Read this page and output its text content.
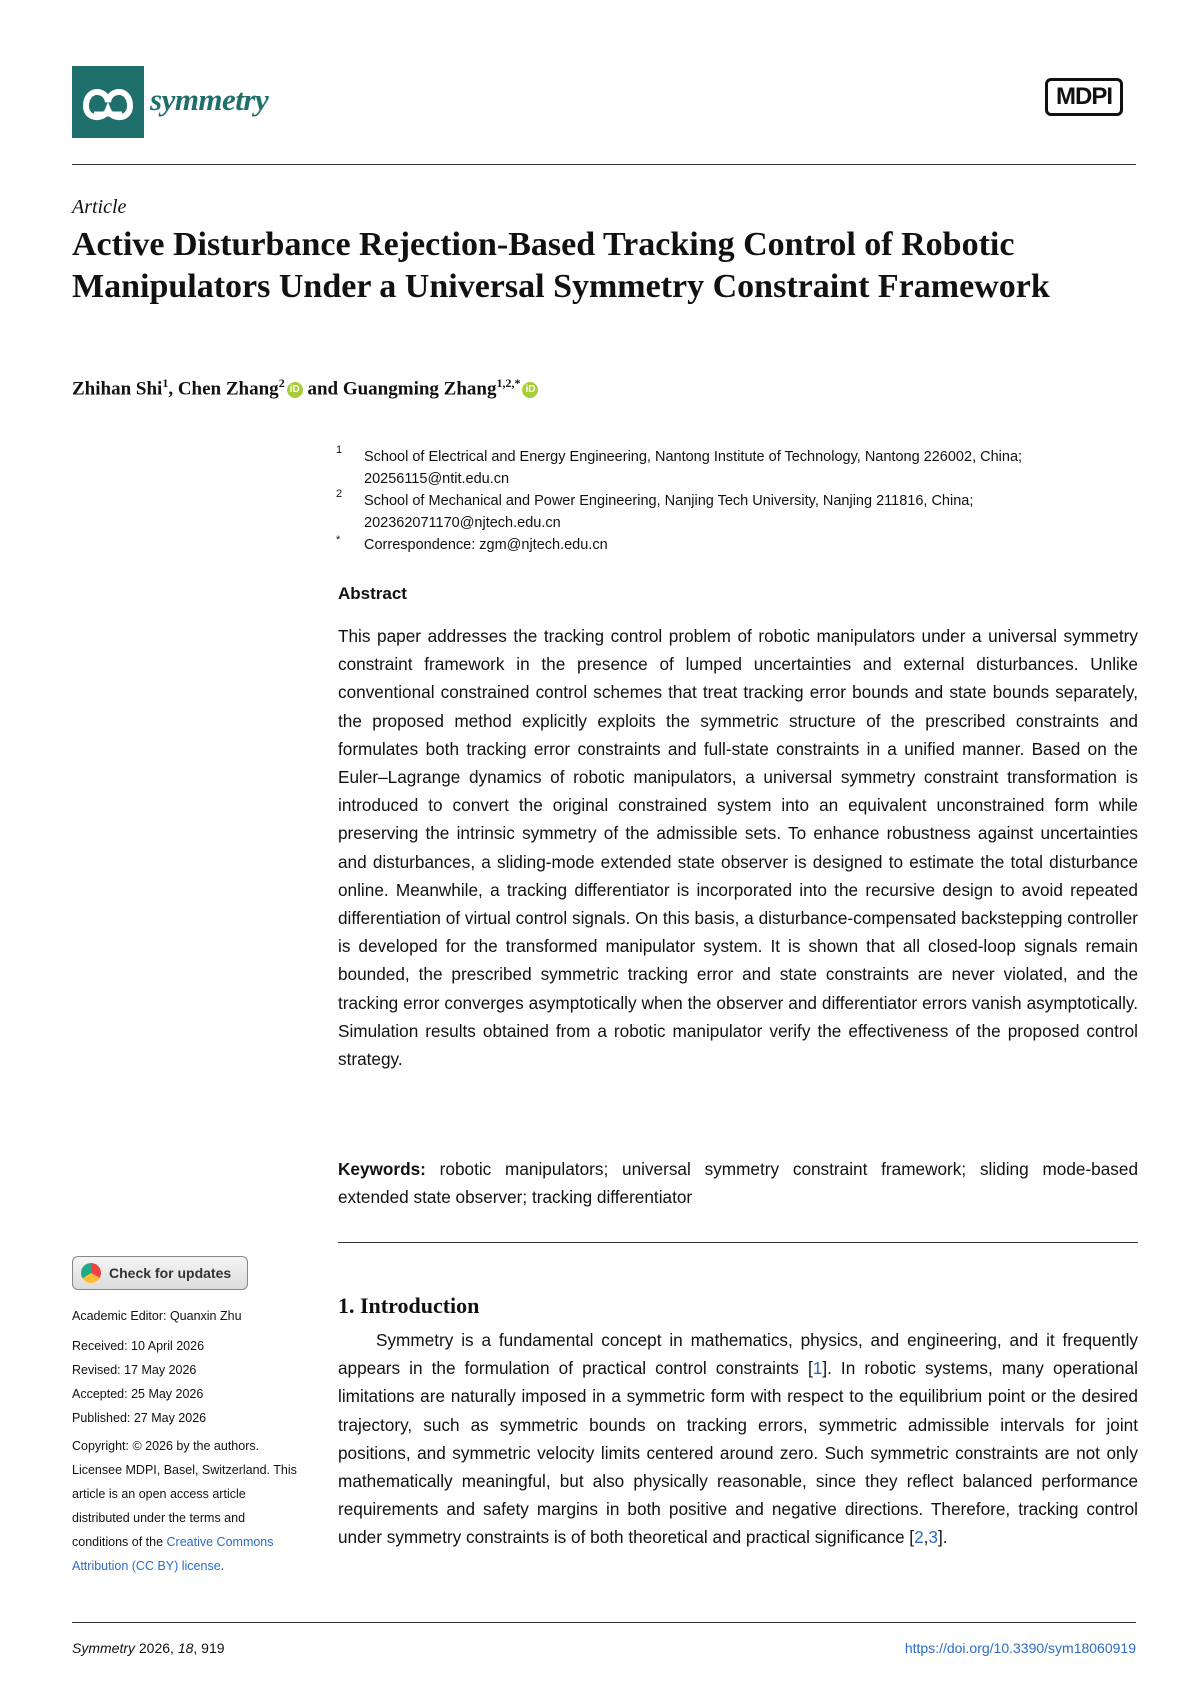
symmetry	MDPI
Article
Active Disturbance Rejection-Based Tracking Control of Robotic Manipulators Under a Universal Symmetry Constraint Framework
Zhihan Shi$^1$, Chen Zhang$^2$ iD and Guangming Zhang$^{1,2,*}$ iD
1 School of Electrical and Energy Engineering, Nantong Institute of Technology, Nantong 226002, China; 20256115@ntit.edu.cn
2 School of Mechanical and Power Engineering, Nanjing Tech University, Nanjing 211816, China; 202362071170@njtech.edu.cn
* Correspondence: zgm@njtech.edu.cn
Abstract
This paper addresses the tracking control problem of robotic manipulators under a universal symmetry constraint framework in the presence of lumped uncertainties and external disturbances. Unlike conventional constrained control schemes that treat tracking error bounds and state bounds separately, the proposed method explicitly exploits the symmetric structure of the prescribed constraints and formulates both tracking error constraints and full-state constraints in a unified manner. Based on the Euler–Lagrange dynamics of robotic manipulators, a universal symmetry constraint transformation is introduced to convert the original constrained system into an equivalent unconstrained form while preserving the intrinsic symmetry of the admissible sets. To enhance robustness against uncertainties and disturbances, a sliding-mode extended state observer is designed to estimate the total disturbance online. Meanwhile, a tracking differentiator is incorporated into the recursive design to avoid repeated differentiation of virtual control signals. On this basis, a disturbance-compensated backstepping controller is developed for the transformed manipulator system. It is shown that all closed-loop signals remain bounded, the prescribed symmetric tracking error and state constraints are never violated, and the tracking error converges asymptotically when the observer and differentiator errors vanish asymptotically. Simulation results obtained from a robotic manipulator verify the effectiveness of the proposed control strategy.
Keywords: robotic manipulators; universal symmetry constraint framework; sliding mode-based extended state observer; tracking differentiator
Check for updates
Academic Editor: Quanxin Zhu
Received: 10 April 2026
Revised: 17 May 2026
Accepted: 25 May 2026
Published: 27 May 2026
Copyright: © 2026 by the authors. Licensee MDPI, Basel, Switzerland. This article is an open access article distributed under the terms and conditions of the Creative Commons Attribution (CC BY) license.
1. Introduction
Symmetry is a fundamental concept in mathematics, physics, and engineering, and it frequently appears in the formulation of practical control constraints [1]. In robotic systems, many operational limitations are naturally imposed in a symmetric form with respect to the equilibrium point or the desired trajectory, such as symmetric bounds on tracking errors, symmetric admissible intervals for joint positions, and symmetric velocity limits centered around zero. Such symmetric constraints are not only mathematically meaningful, but also physically reasonable, since they reflect balanced performance requirements and safety margins in both positive and negative directions. Therefore, tracking control under symmetry constraints is of both theoretical and practical significance [2,3].
Symmetry 2026, 18, 919	https://doi.org/10.3390/sym18060919
